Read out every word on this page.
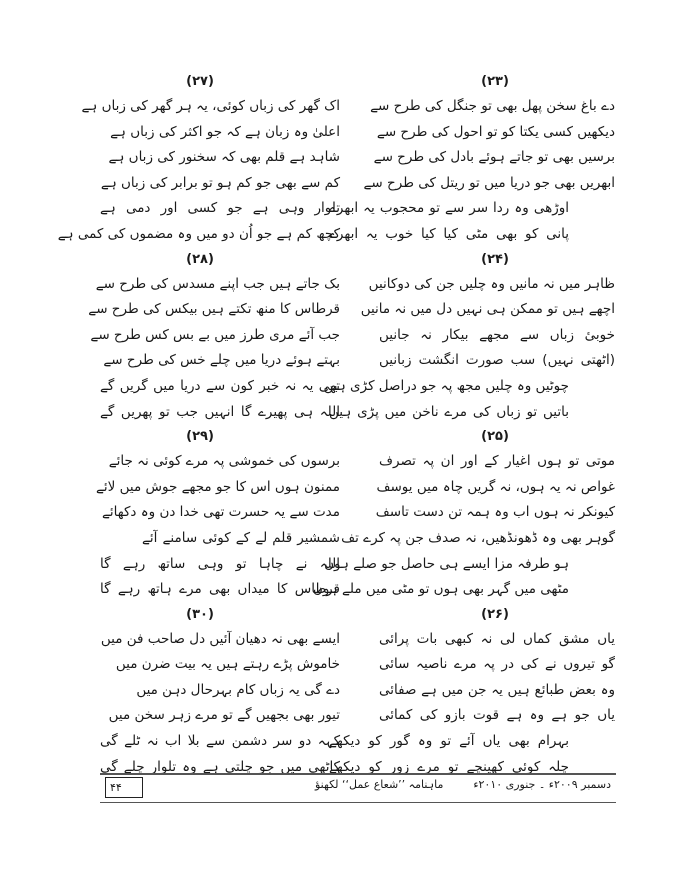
(۲۳)
دے باغ سخن پھل بھی تو جنگل کی طرح سے
دیکھیں کسی یکتا کو تو احول کی طرح سے
برسیں بھی تو جاتے ہوئے بادل کی طرح سے
ابھریں بھی جو دریا میں تو ریتل کی طرح سے
اوڑھی وہ ردا سر سے تو محجوب یہ ابھرے
پانی کو بھی مٹی کیا کیا خوب یہ ابھرے
(۲۴)
ظاہر میں نہ مانیں وہ چلیں جن کی دوکانیں
اچھے ہیں تو ممکن ہی نہیں دل میں نہ مانیں
خوبیٔ زباں سے مجھے بیکار نہ جانیں
(اٹھتی نہیں) سب صورت انگشت زبانیں
چوٹیں وہ چلیں مجھ پہ جو دراصل کڑی ہیں
باتیں تو زباں کی مرے ناخن میں پڑی ہیں
(۲۵)
موتی تو ہوں اغیار کے اور ان پہ تصرف
غواص نہ یہ ہوں، نہ گریں چاہ میں یوسف
کیونکر نہ ہوں اب وہ ہمہ تن دست تاسف
گوہر بھی وہ ڈھونڈھیں، نہ صدف جن پہ کرے تف
ہو طرفہ مزا ایسے ہی حاصل جو صلے ہوں
مٹھی میں گہر بھی ہوں تو مٹی میں ملے ہوں
(۲۶)
یاں مشق کماں لی نہ کبھی بات پرائی
گو تیروں نے کی در پہ مرے ناصیہ سائی
وہ بعض طبائع ہیں یہ جن میں ہے صفائی
یاں جو ہے وہ ہے قوت بازو کی کمائی
بہرام بھی یاں آئے تو وہ گور کو دیکھے
چلہ کوئی کھینچے تو مرے زور کو دیکھے
(۲۷)
اک گھر کی زباں کوئی، یہ ہر گھر کی زباں ہے
اعلیٰ وہ زبان ہے کہ جو اکثر کی زباں ہے
شاہد ہے قلم بھی کہ سخنور کی زباں ہے
کم سے بھی جو کم ہو تو برابر کی زباں ہے
تلوار وہی ہے جو کسی اور دمی ہے
کچھ کم ہے جو اُن دو میں وہ مضموں کی کمی ہے
(۲۸)
بک جاتے ہیں جب اپنے مسدس کی طرح سے
قرطاس کا منھ تکتے ہیں بیکس کی طرح سے
جب آئے مری طرز میں بے بس کس طرح سے
بہتے ہوئے دریا میں چلے خس کی طرح سے
تھی یہ نہ خبر کون سے دریا میں گریں گے
اللہ ہی پھیرے گا انہیں جب تو پھریں گے
(۲۹)
برسوں کی خموشی پہ مرے کوئی نہ جائے
ممنون ہوں اس کا جو مجھے جوش میں لائے
مدت سے یہ حسرت تھی خدا دن وہ دکھائے
شمشیر قلم لے کے کوئی سامنے آئے
اللہ نے چاہا تو وہی ساتھ رہے گا
قرطاس کا میداں بھی مرے ہاتھ رہے گا
(۳۰)
ایسے بھی نہ دھیان آئیں دل صاحب فن میں
خاموش پڑے رہتے ہیں یہ بیت ضرن میں
دے گی یہ زباں کام بہرحال دہن میں
تیور بھی بجھیں گے تو مرے زہر سخن میں
کہہ دو سر دشمن سے بلا اب نہ ٹلے گی
کاٹھی میں جو چلتی ہے وہ تلوار چلے گی
۴۴	ماہنامہ ’’شعاع عمل‘‘ لکھنؤ	دسمبر ۲۰۰۹ء ۔ جنوری ۲۰۱۰ء
